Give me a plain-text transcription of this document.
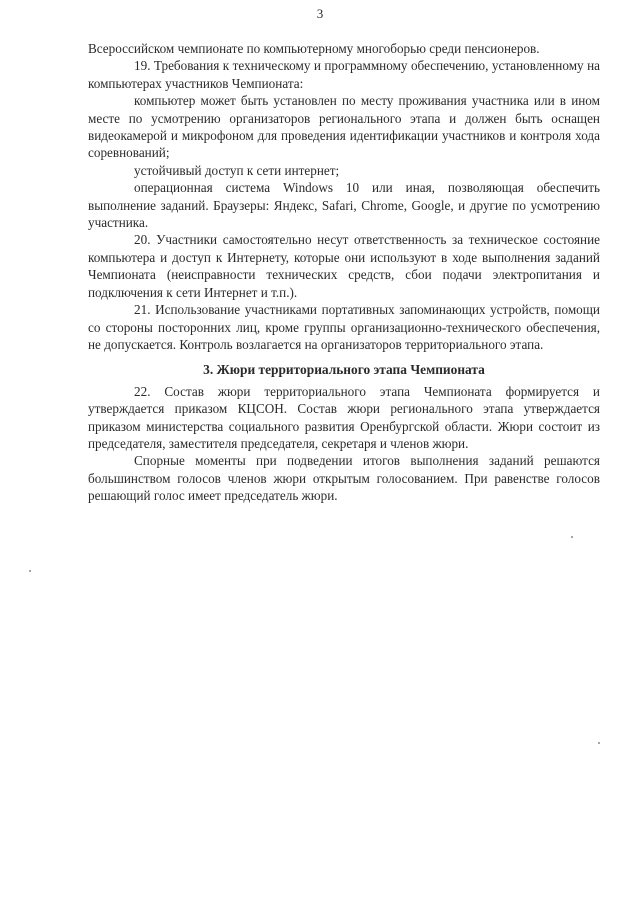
3

Всероссийском чемпионате по компьютерному многоборью среди пенсионеров.

19. Требования к техническому и программному обеспечению, установленному на компьютерах участников Чемпионата:

компьютер может быть установлен по месту проживания участника или в ином месте по усмотрению организаторов регионального этапа и должен быть оснащен видеокамерой и микрофоном для проведения идентификации участников и контроля хода соревнований;

устойчивый доступ к сети интернет;

операционная система Windows 10 или иная, позволяющая обеспечить выполнение заданий. Браузеры: Яндекс, Safari, Chrome, Google, и другие по усмотрению участника.

20. Участники самостоятельно несут ответственность за техническое состояние компьютера и доступ к Интернету, которые они используют в ходе выполнения заданий Чемпионата (неисправности технических средств, сбои подачи электропитания и подключения к сети Интернет и т.п.).

21. Использование участниками портативных запоминающих устройств, помощи со стороны посторонних лиц, кроме группы организационно-технического обеспечения, не допускается. Контроль возлагается на организаторов территориального этапа.

3. Жюри территориального этапа Чемпионата

22. Состав жюри территориального этапа Чемпионата формируется и утверждается приказом КЦСОН. Состав жюри регионального этапа утверждается приказом министерства социального развития Оренбургской области. Жюри состоит из председателя, заместителя председателя, секретаря и членов жюри.

Спорные моменты при подведении итогов выполнения заданий решаются большинством голосов членов жюри открытым голосованием. При равенстве голосов решающий голос имеет председатель жюри.
